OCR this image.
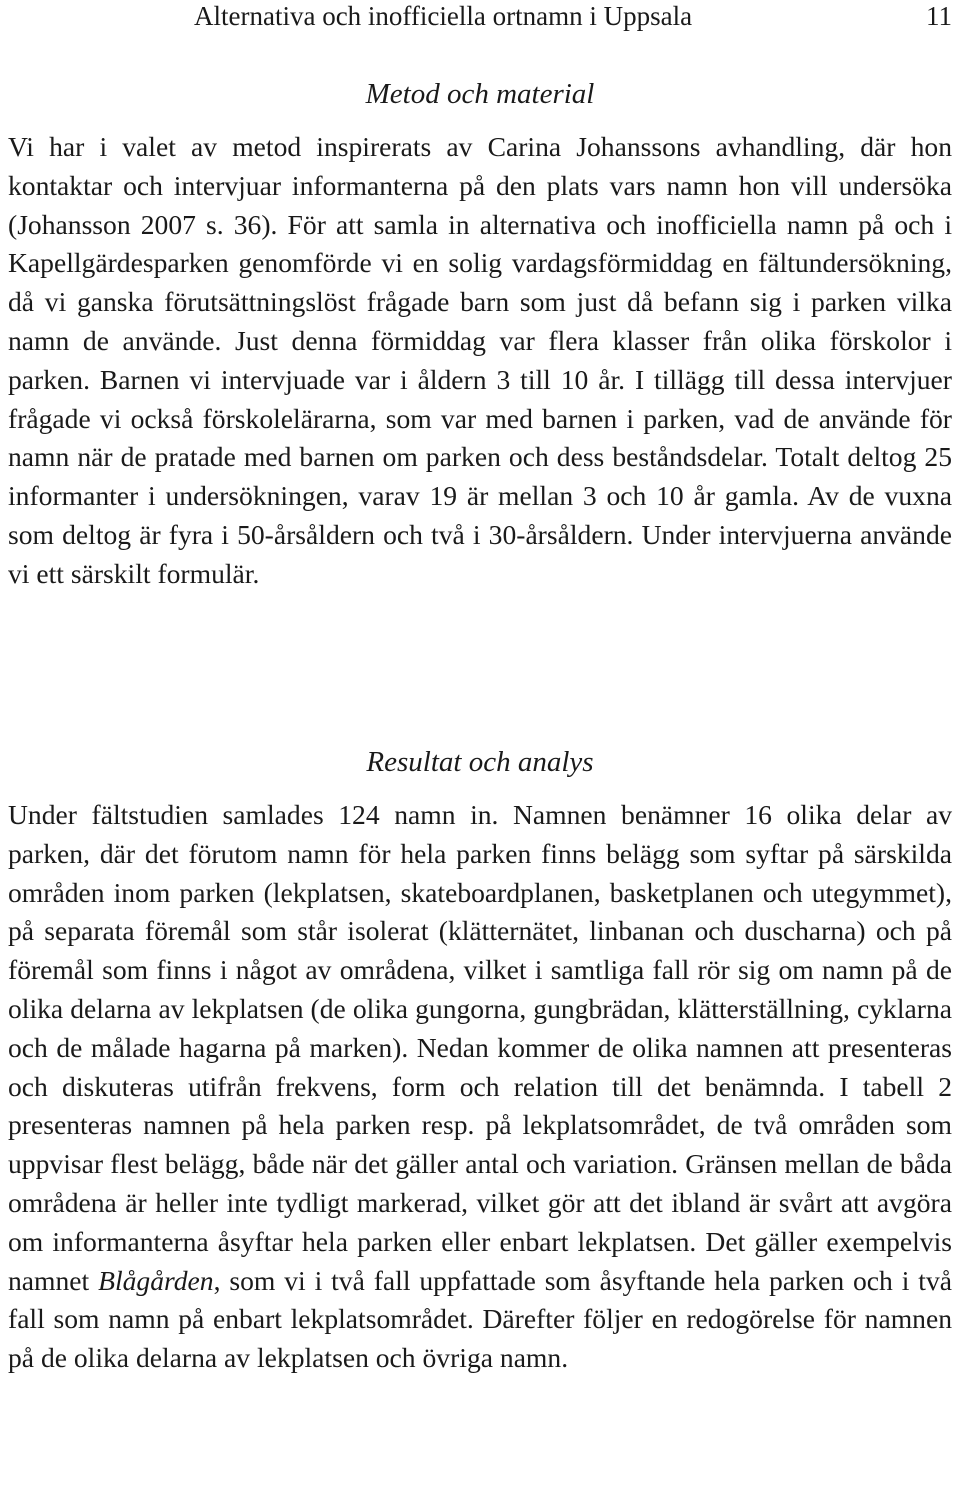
Alternativa och inofficiella ortnamn i Uppsala	11
Metod och material

Vi har i valet av metod inspirerats av Carina Johanssons avhandling, där hon kontaktar och intervjuar informanterna på den plats vars namn hon vill undersöka (Johansson 2007 s. 36). För att samla in alternativa och inofficiella namn på och i Kapellgärdesparken genomförde vi en solig vardagsförmiddag en fältundersökning, då vi ganska förutsättningslöst frågade barn som just då befann sig i parken vilka namn de använde. Just denna förmiddag var flera klasser från olika förskolor i parken. Barnen vi intervjuade var i åldern 3 till 10 år. I tillägg till dessa intervjuer frågade vi också förskolelärarna, som var med barnen i parken, vad de använde för namn när de pratade med barnen om parken och dess beståndsdelar. Totalt deltog 25 informanter i undersökningen, varav 19 är mellan 3 och 10 år gamla. Av de vuxna som deltog är fyra i 50-årsåldern och två i 30-årsåldern. Under intervjuerna använde vi ett särskilt formulär.

Resultat och analys

Under fältstudien samlades 124 namn in. Namnen benämner 16 olika delar av parken, där det förutom namn för hela parken finns belägg som syftar på särskilda områden inom parken (lekplatsen, skateboardplanen, basketplanen och utegymmet), på separata föremål som står isolerat (klätternätet, linbanan och duscharna) och på föremål som finns i något av områdena, vilket i samtliga fall rör sig om namn på de olika delarna av lekplatsen (de olika gungorna, gungbrädan, klätterställning, cyklarna och de målade hagarna på marken). Nedan kommer de olika namnen att presenteras och diskuteras utifrån frekvens, form och relation till det benämnda. I tabell 2 presenteras namnen på hela parken resp. på lekplatsområdet, de två områden som uppvisar flest belägg, både när det gäller antal och variation. Gränsen mellan de båda områdena är heller inte tydligt markerad, vilket gör att det ibland är svårt att avgöra om informanterna åsyftar hela parken eller enbart lekplatsen. Det gäller exempelvis namnet Blågården, som vi i två fall uppfattade som åsyftande hela parken och i två fall som namn på enbart lekplatsområdet. Därefter följer en redogörelse för namnen på de olika delarna av lekplatsen och övriga namn.
